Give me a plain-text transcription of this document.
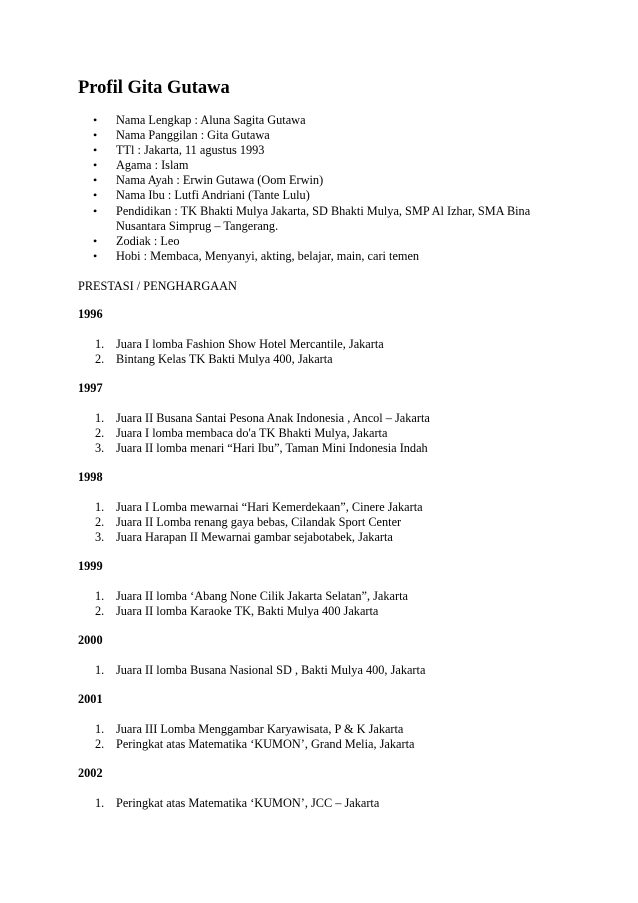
Profil Gita Gutawa
• Nama Lengkap : Aluna Sagita Gutawa
• Nama Panggilan : Gita Gutawa
• TTl : Jakarta, 11 agustus 1993
• Agama : Islam
• Nama Ayah : Erwin Gutawa (Oom Erwin)
• Nama Ibu : Lutfi Andriani (Tante Lulu)
• Pendidikan : TK Bhakti Mulya Jakarta, SD Bhakti Mulya, SMP Al Izhar, SMA Bina Nusantara Simprug – Tangerang.
• Zodiak : Leo
• Hobi : Membaca, Menyanyi, akting, belajar, main, cari temen

PRESTASI / PENGHARGAAN

1996

1. Juara I lomba Fashion Show Hotel Mercantile, Jakarta
2. Bintang Kelas TK Bakti Mulya 400, Jakarta

1997

1. Juara II Busana Santai Pesona Anak Indonesia , Ancol – Jakarta
2. Juara I lomba membaca do'a TK Bhakti Mulya, Jakarta
3. Juara II lomba menari “Hari Ibu”, Taman Mini Indonesia Indah

1998

1. Juara I Lomba mewarnai “Hari Kemerdekaan”, Cinere Jakarta
2. Juara II Lomba renang gaya bebas, Cilandak Sport Center
3. Juara Harapan II Mewarnai gambar sejabotabek, Jakarta

1999

1. Juara II lomba ‘Abang None Cilik Jakarta Selatan”, Jakarta
2. Juara II lomba Karaoke TK, Bakti Mulya 400 Jakarta

2000

1. Juara II lomba Busana Nasional SD , Bakti Mulya 400, Jakarta

2001

1. Juara III Lomba Menggambar Karyawisata, P & K Jakarta
2. Peringkat atas Matematika ‘KUMON’, Grand Melia, Jakarta

2002

1. Peringkat atas Matematika ‘KUMON’, JCC – Jakarta
